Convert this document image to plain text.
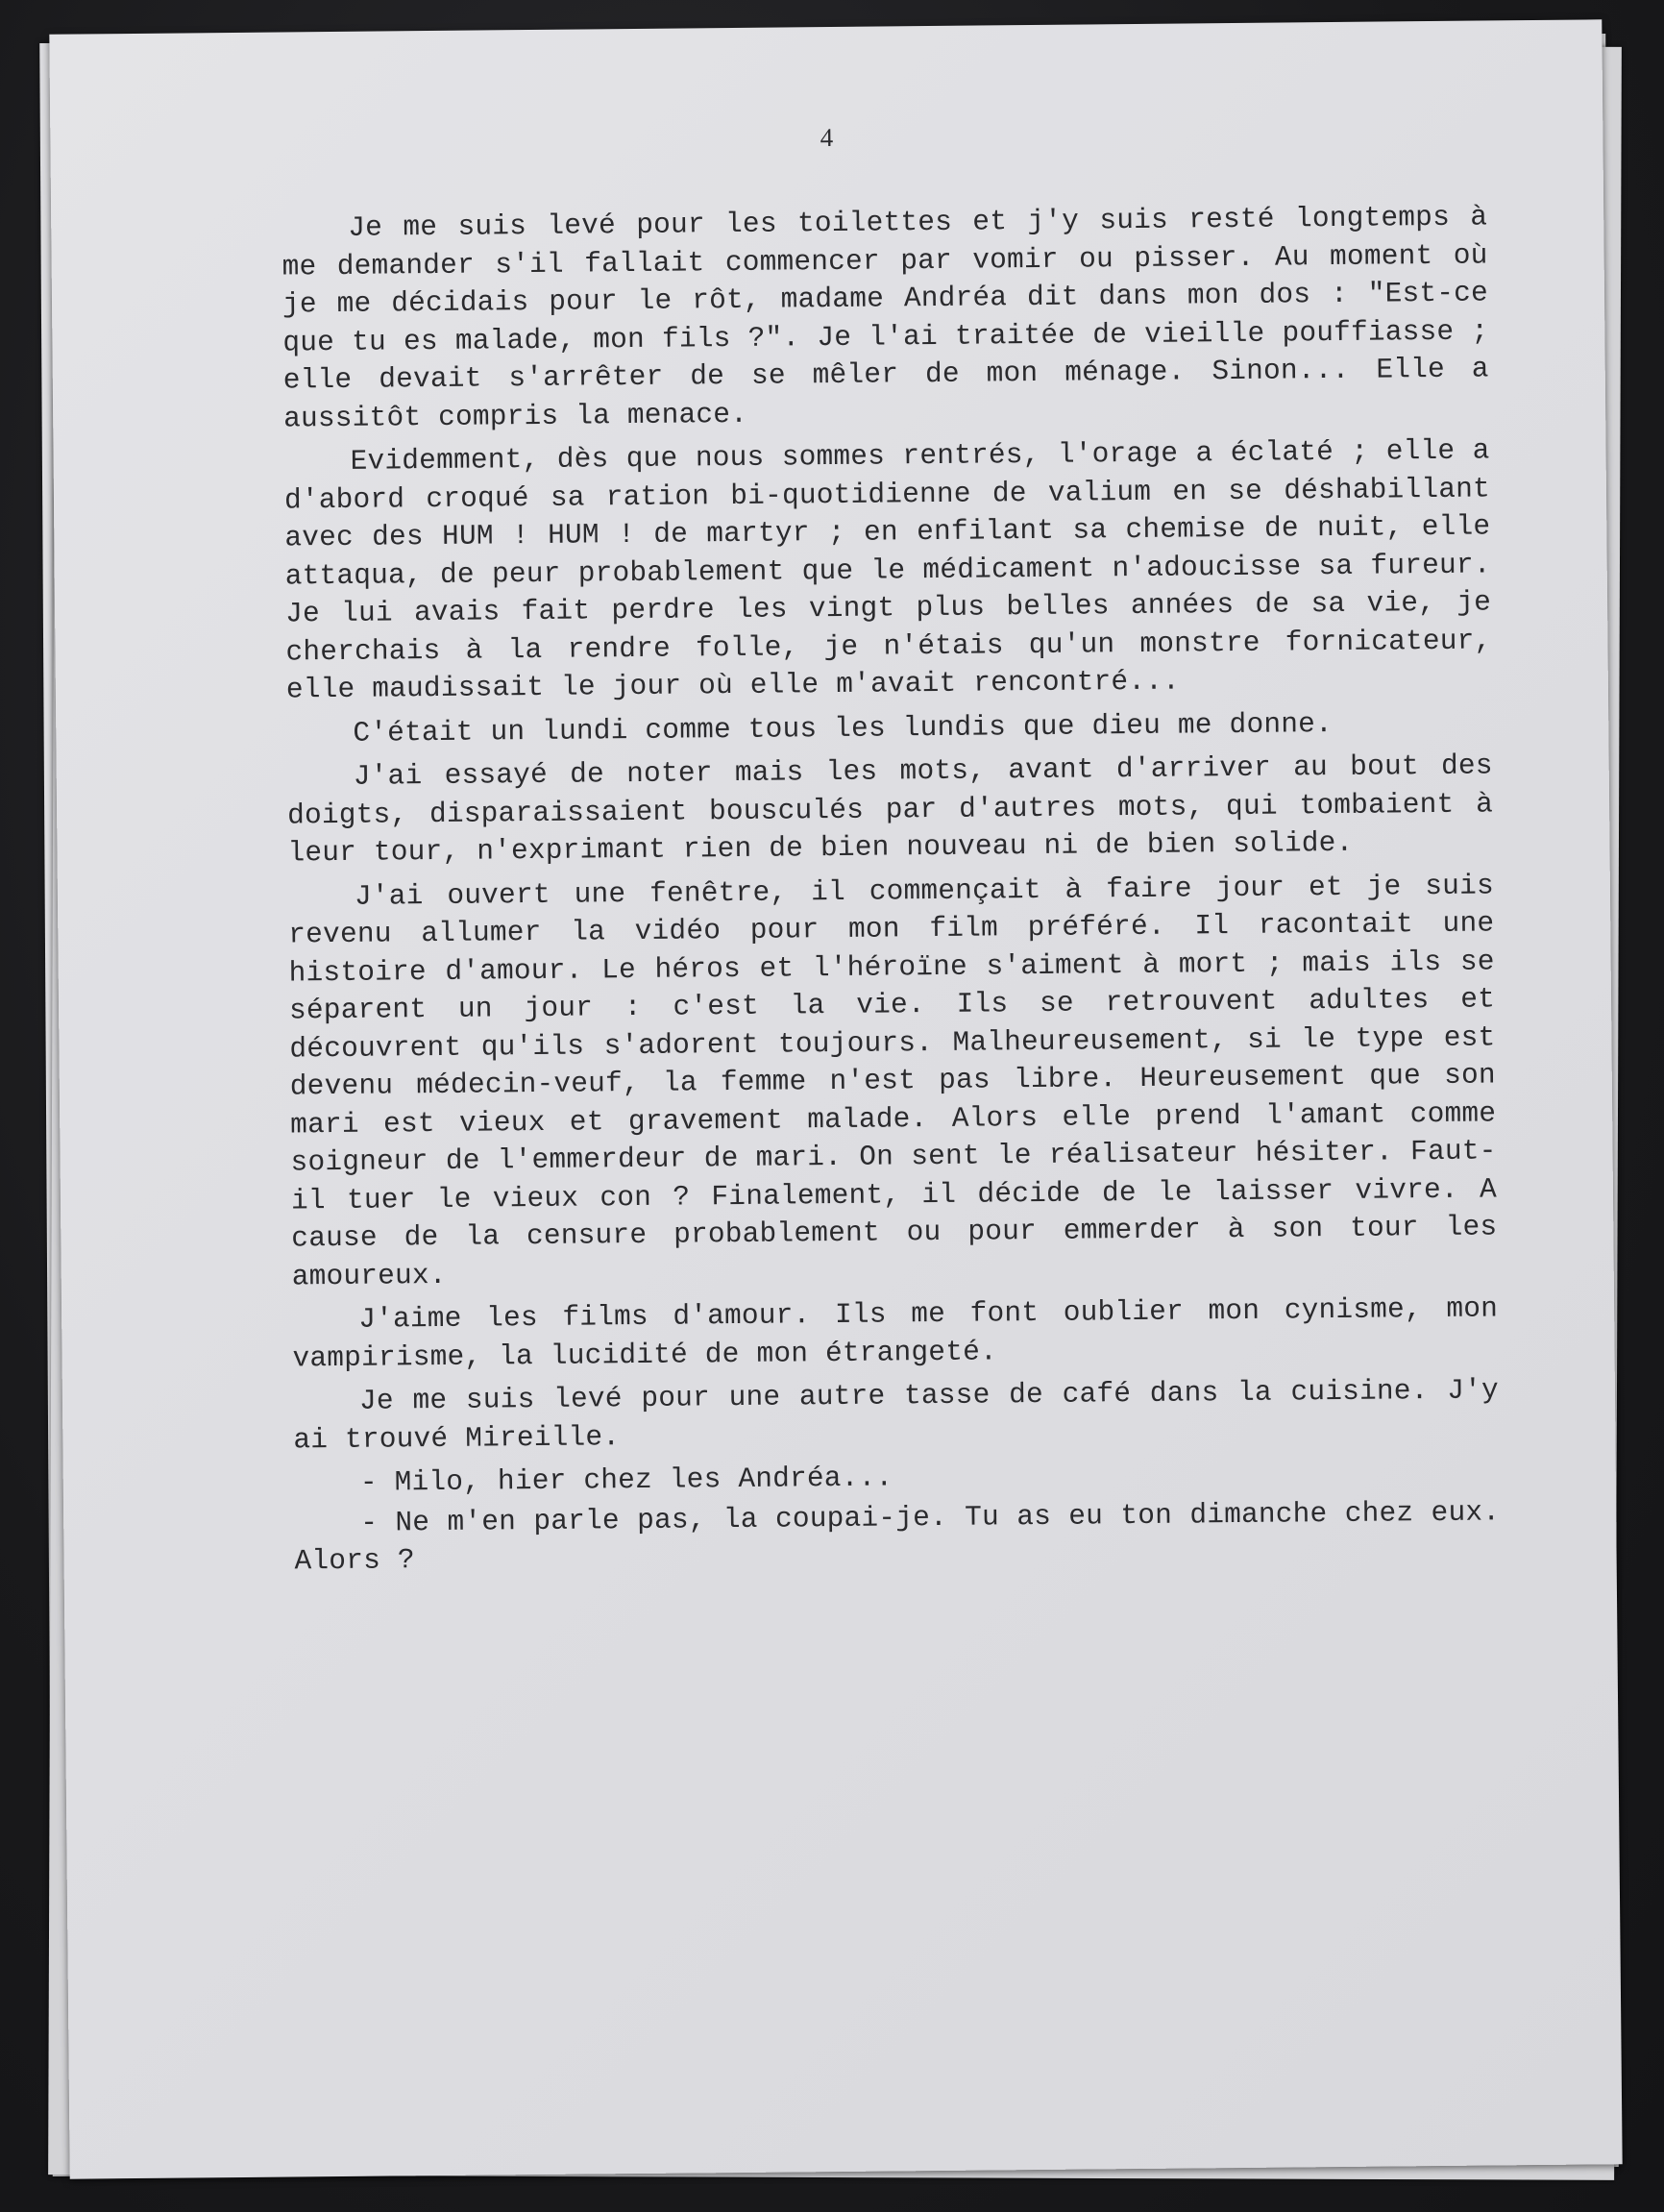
4

Je me suis levé pour les toilettes et j'y suis resté longtemps à me demander s'il fallait commencer par vomir ou pisser. Au moment où je me décidais pour le rôt, madame Andréa dit dans mon dos : "Est-ce que tu es malade, mon fils ?". Je l'ai traitée de vieille pouffiasse ; elle devait s'arrêter de se mêler de mon ménage. Sinon... Elle a aussitôt compris la menace.

Evidemment, dès que nous sommes rentrés, l'orage a éclaté ; elle a d'abord croqué sa ration bi-quotidienne de valium en se déshabillant avec des HUM ! HUM ! de martyr ; en enfilant sa chemise de nuit, elle attaqua, de peur probablement que le médicament n'adoucisse sa fureur. Je lui avais fait perdre les vingt plus belles années de sa vie, je cherchais à la rendre folle, je n'étais qu'un monstre fornicateur, elle maudissait le jour où elle m'avait rencontré...

C'était un lundi comme tous les lundis que dieu me donne.

J'ai essayé de noter mais les mots, avant d'arriver au bout des doigts, disparaissaient bousculés par d'autres mots, qui tombaient à leur tour, n'exprimant rien de bien nouveau ni de bien solide.

J'ai ouvert une fenêtre, il commençait à faire jour et je suis revenu allumer la vidéo pour mon film préféré. Il racontait une histoire d'amour. Le héros et l'héroïne s'aiment à mort ; mais ils se séparent un jour : c'est la vie. Ils se retrouvent adultes et découvrent qu'ils s'adorent toujours. Malheureusement, si le type est devenu médecin-veuf, la femme n'est pas libre. Heureusement que son mari est vieux et gravement malade. Alors elle prend l'amant comme soigneur de l'emmerdeur de mari. On sent le réalisateur hésiter. Faut-il tuer le vieux con ? Finalement, il décide de le laisser vivre. A cause de la censure probablement ou pour emmerder à son tour les amoureux.

J'aime les films d'amour. Ils me font oublier mon cynisme, mon vampirisme, la lucidité de mon étrangeté.

Je me suis levé pour une autre tasse de café dans la cuisine. J'y ai trouvé Mireille.

- Milo, hier chez les Andréa...

- Ne m'en parle pas, la coupai-je. Tu as eu ton dimanche chez eux. Alors ?
